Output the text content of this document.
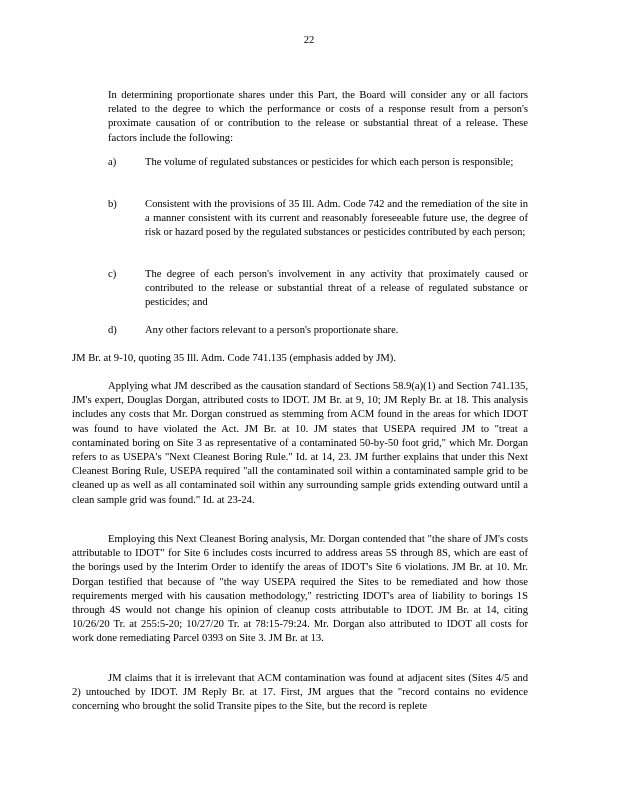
22
In determining proportionate shares under this Part, the Board will consider any or all factors related to the degree to which the performance or costs of a response result from a person's proximate causation of or contribution to the release or substantial threat of a release. These factors include the following:
a)	The volume of regulated substances or pesticides for which each person is responsible;
b)	Consistent with the provisions of 35 Ill. Adm. Code 742 and the remediation of the site in a manner consistent with its current and reasonably foreseeable future use, the degree of risk or hazard posed by the regulated substances or pesticides contributed by each person;
c)	The degree of each person's involvement in any activity that proximately caused or contributed to the release or substantial threat of a release of regulated substance or pesticides; and
d)	Any other factors relevant to a person's proportionate share.
JM Br. at 9-10, quoting 35 Ill. Adm. Code 741.135 (emphasis added by JM).
Applying what JM described as the causation standard of Sections 58.9(a)(1) and Section 741.135, JM's expert, Douglas Dorgan, attributed costs to IDOT. JM Br. at 9, 10; JM Reply Br. at 18. This analysis includes any costs that Mr. Dorgan construed as stemming from ACM found in the areas for which IDOT was found to have violated the Act. JM Br. at 10. JM states that USEPA required JM to "treat a contaminated boring on Site 3 as representative of a contaminated 50-by-50 foot grid," which Mr. Dorgan refers to as USEPA's "Next Cleanest Boring Rule." Id. at 14, 23. JM further explains that under this Next Cleanest Boring Rule, USEPA required "all the contaminated soil within a contaminated sample grid to be cleaned up as well as all contaminated soil within any surrounding sample grids extending outward until a clean sample grid was found." Id. at 23-24.
Employing this Next Cleanest Boring analysis, Mr. Dorgan contended that "the share of JM's costs attributable to IDOT" for Site 6 includes costs incurred to address areas 5S through 8S, which are east of the borings used by the Interim Order to identify the areas of IDOT's Site 6 violations. JM Br. at 10. Mr. Dorgan testified that because of "the way USEPA required the Sites to be remediated and how those requirements merged with his causation methodology," restricting IDOT's area of liability to borings 1S through 4S would not change his opinion of cleanup costs attributable to IDOT. JM Br. at 14, citing 10/26/20 Tr. at 255:5-20; 10/27/20 Tr. at 78:15-79:24. Mr. Dorgan also attributed to IDOT all costs for work done remediating Parcel 0393 on Site 3. JM Br. at 13.
JM claims that it is irrelevant that ACM contamination was found at adjacent sites (Sites 4/5 and 2) untouched by IDOT. JM Reply Br. at 17. First, JM argues that the "record contains no evidence concerning who brought the solid Transite pipes to the Site, but the record is replete
